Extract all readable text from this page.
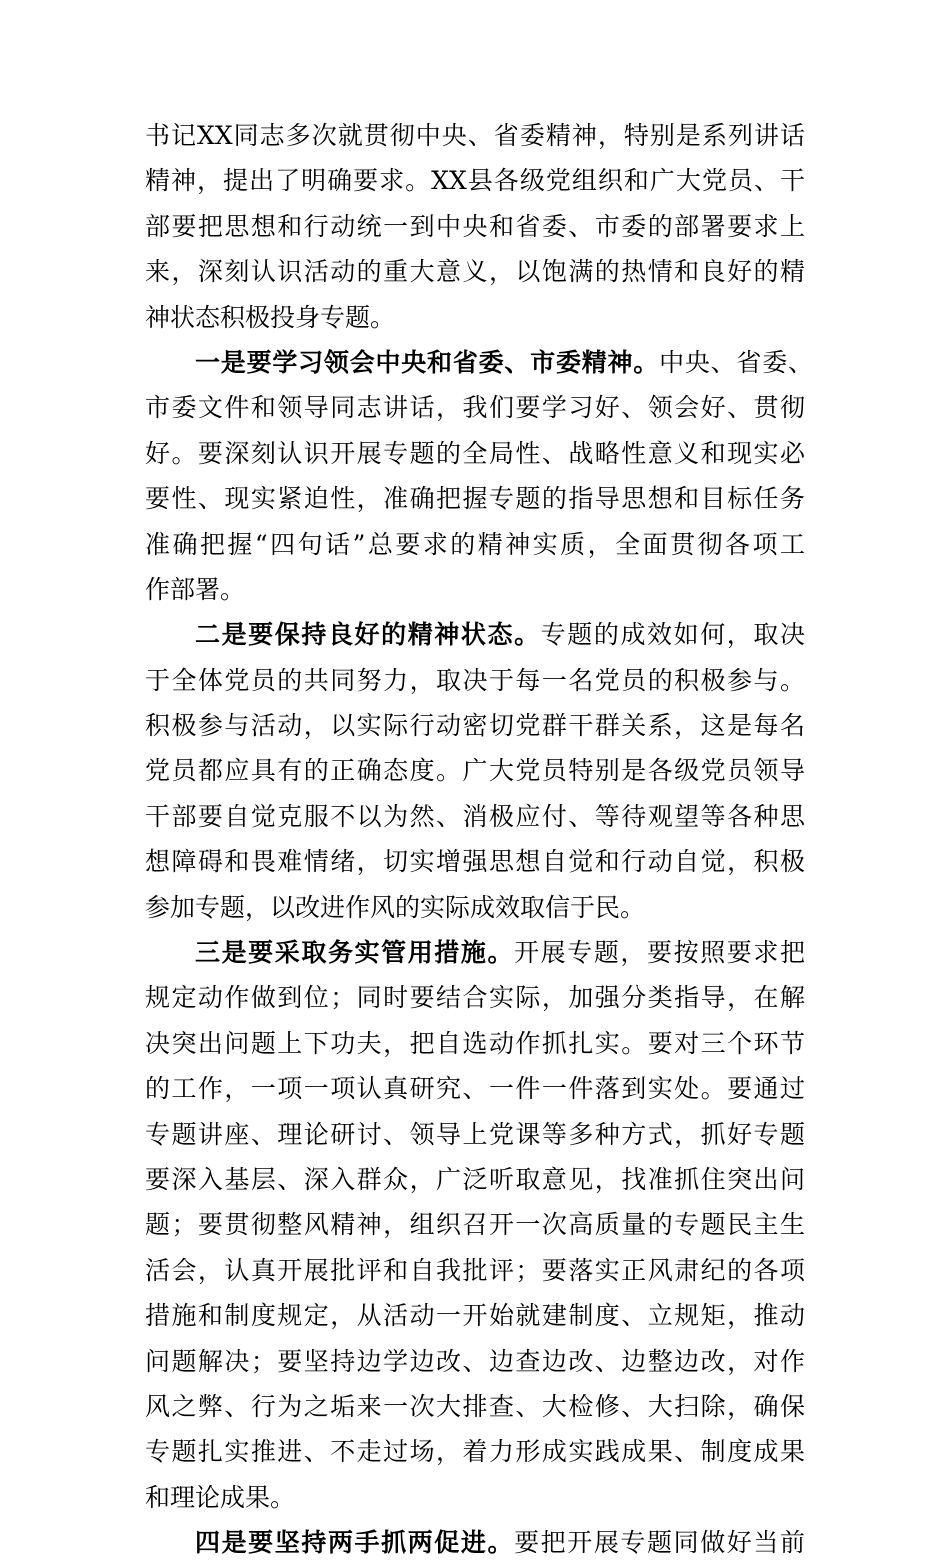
书记XX同志多次就贯彻中央、省委精神，特别是系列讲话
精神，提出了明确要求。XX县各级党组织和广大党员、干
部要把思想和行动统一到中央和省委、市委的部署要求上
来，深刻认识活动的重大意义，以饱满的热情和良好的精
神状态积极投身专题。
一是要学习领会中央和省委、市委精神。中央、省委、
市委文件和领导同志讲话，我们要学习好、领会好、贯彻
好。要深刻认识开展专题的全局性、战略性意义和现实必
要性、现实紧迫性，准确把握专题的指导思想和目标任务
准确把握“四句话”总要求的精神实质，全面贯彻各项工
作部署。
二是要保持良好的精神状态。专题的成效如何，取决
于全体党员的共同努力，取决于每一名党员的积极参与。
积极参与活动，以实际行动密切党群干群关系，这是每名
党员都应具有的正确态度。广大党员特别是各级党员领导
干部要自觉克服不以为然、消极应付、等待观望等各种思
想障碍和畏难情绪，切实增强思想自觉和行动自觉，积极
参加专题，以改进作风的实际成效取信于民。
三是要采取务实管用措施。开展专题，要按照要求把
规定动作做到位；同时要结合实际，加强分类指导，在解
决突出问题上下功夫，把自选动作抓扎实。要对三个环节
的工作，一项一项认真研究、一件一件落到实处。要通过
专题讲座、理论研讨、领导上党课等多种方式，抓好专题
要深入基层、深入群众，广泛听取意见，找准抓住突出问
题；要贯彻整风精神，组织召开一次高质量的专题民主生
活会，认真开展批评和自我批评；要落实正风肃纪的各项
措施和制度规定，从活动一开始就建制度、立规矩，推动
问题解决；要坚持边学边改、边查边改、边整边改，对作
风之弊、行为之垢来一次大排查、大检修、大扫除，确保
专题扎实推进、不走过场，着力形成实践成果、制度成果
和理论成果。
四是要坚持两手抓两促进。要把开展专题同做好当前
